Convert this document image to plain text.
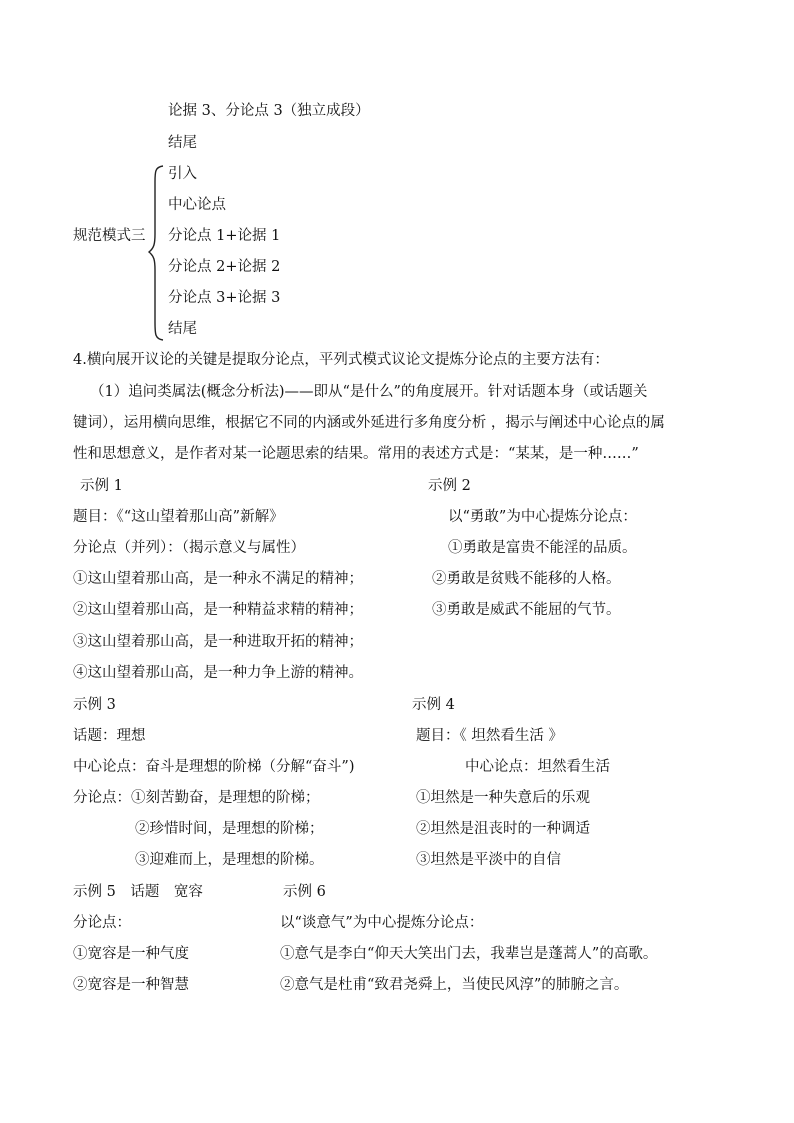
论据 3、分论点 3（独立成段）
结尾
规范模式三
引入
中心论点
分论点 1+论据 1
分论点 2+论据 2
分论点 3+论据 3
结尾
4.横向展开议论的关键是提取分论点，平列式模式议论文提炼分论点的主要方法有：
（1）追问类属法(概念分析法)——即从“是什么”的角度展开。针对话题本身（或话题关
键词），运用横向思维，根据它不同的内涵或外延进行多角度分析 ，揭示与阐述中心论点的属
性和思想意义，是作者对某一论题思索的结果。常用的表述方式是：“某某，是一种……”
示例 1
题目：《“这山望着那山高”新解》
分论点（并列）：（揭示意义与属性）
①这山望着那山高，是一种永不满足的精神；
②这山望着那山高，是一种精益求精的精神；
③这山望着那山高，是一种进取开拓的精神；
④这山望着那山高，是一种力争上游的精神。
示例 2
以“勇敢”为中心提炼分论点：
①勇敢是富贵不能淫的品质。
②勇敢是贫贱不能移的人格。
③勇敢是威武不能屈的气节。
示例 3
话题：理想
中心论点：奋斗是理想的阶梯（分解“奋斗”)
分论点：①刻苦勤奋，是理想的阶梯；
②珍惜时间，是理想的阶梯；
③迎难而上，是理想的阶梯。
示例 4
题目：《 坦然看生活 》
中心论点：坦然看生活
①坦然是一种失意后的乐观
②坦然是沮丧时的一种调适
③坦然是平淡中的自信
示例 5　话题　宽容
分论点：
①宽容是一种气度
②宽容是一种智慧
示例 6
以“谈意气”为中心提炼分论点：
①意气是李白“仰天大笑出门去，我辈岂是蓬蒿人”的高歌。
②意气是杜甫“致君尧舜上，当使民风淳”的肺腑之言。
